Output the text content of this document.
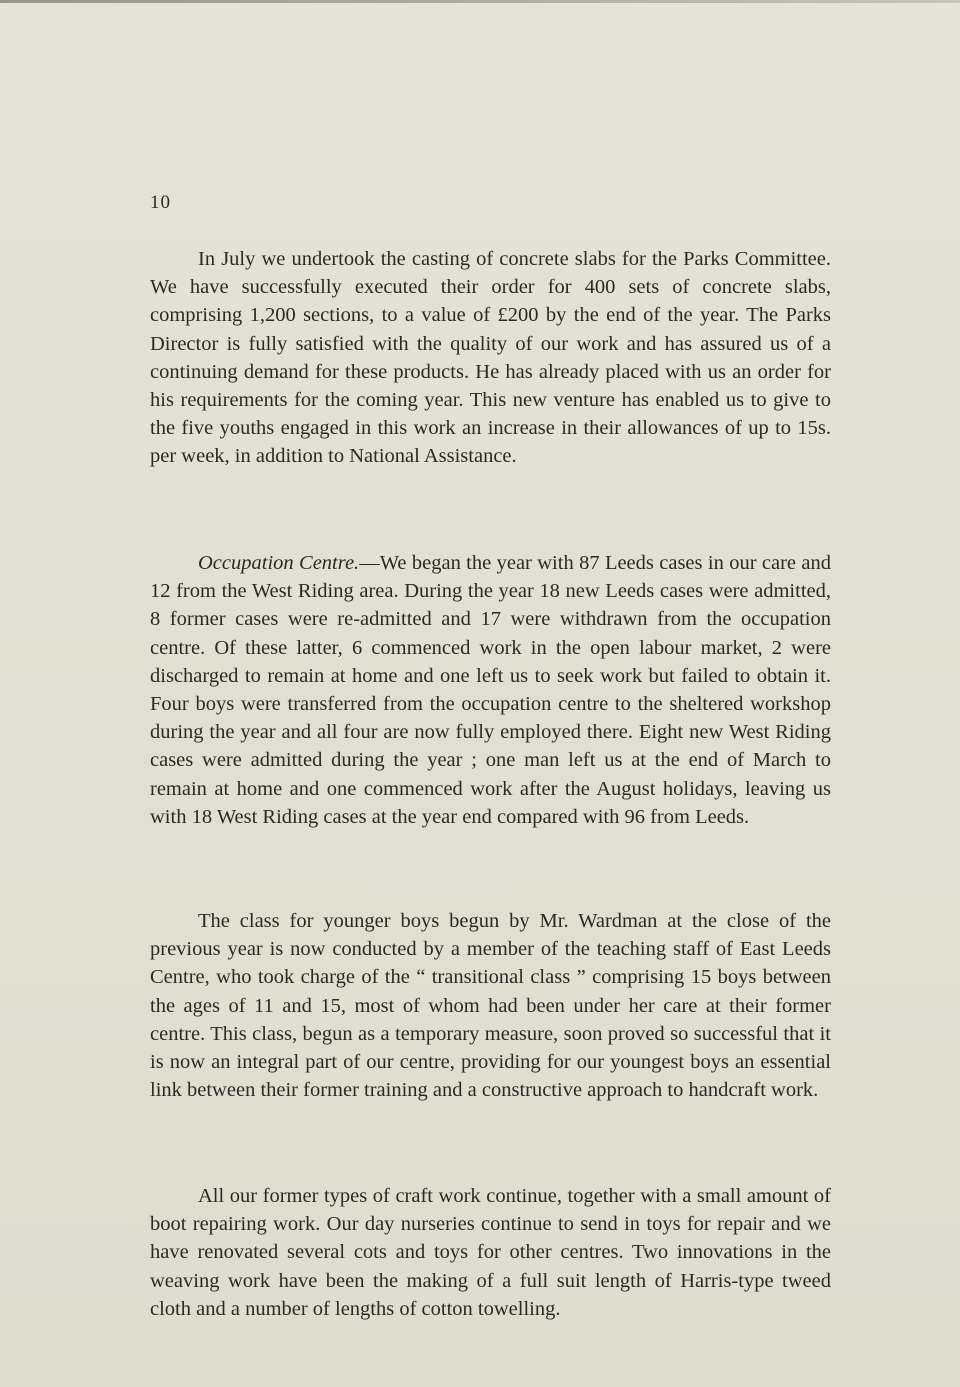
10

In July we undertook the casting of concrete slabs for the Parks Committee. We have successfully executed their order for 400 sets of concrete slabs, comprising 1,200 sections, to a value of £200 by the end of the year. The Parks Director is fully satisfied with the quality of our work and has assured us of a continuing demand for these products. He has already placed with us an order for his requirements for the coming year. This new venture has enabled us to give to the five youths engaged in this work an increase in their allowances of up to 15s. per week, in addition to National Assistance.

Occupation Centre.—We began the year with 87 Leeds cases in our care and 12 from the West Riding area. During the year 18 new Leeds cases were admitted, 8 former cases were re-admitted and 17 were withdrawn from the occupation centre. Of these latter, 6 commenced work in the open labour market, 2 were discharged to remain at home and one left us to seek work but failed to obtain it. Four boys were transferred from the occupation centre to the sheltered workshop during the year and all four are now fully employed there. Eight new West Riding cases were admitted during the year ; one man left us at the end of March to remain at home and one commenced work after the August holidays, leaving us with 18 West Riding cases at the year end compared with 96 from Leeds.

The class for younger boys begun by Mr. Wardman at the close of the previous year is now conducted by a member of the teaching staff of East Leeds Centre, who took charge of the “ transitional class ” comprising 15 boys between the ages of 11 and 15, most of whom had been under her care at their former centre. This class, begun as a temporary measure, soon proved so successful that it is now an integral part of our centre, providing for our youngest boys an essential link between their former training and a constructive approach to handcraft work.

All our former types of craft work continue, together with a small amount of boot repairing work. Our day nurseries continue to send in toys for repair and we have renovated several cots and toys for other centres. Two innovations in the weaving work have been the making of a full suit length of Harris-type tweed cloth and a number of lengths of cotton towelling.
